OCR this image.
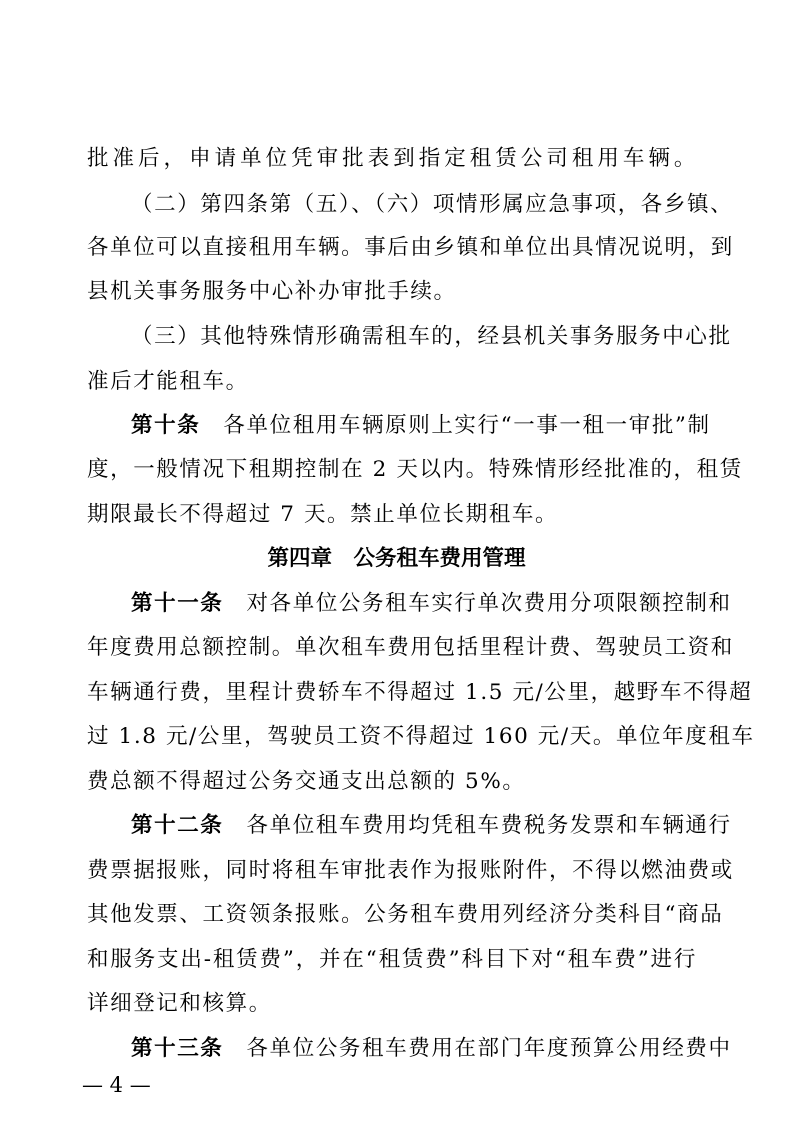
批准后，申请单位凭审批表到指定租赁公司租用车辆。
（二）第四条第（五）、（六）项情形属应急事项，各乡镇、
各单位可以直接租用车辆。事后由乡镇和单位出具情况说明，到
县机关事务服务中心补办审批手续。
（三）其他特殊情形确需租车的，经县机关事务服务中心批
准后才能租车。
第十条　 各单位租用车辆原则上实行“一事一租一审批”制
度，一般情况下租期控制在 2 天以内。特殊情形经批准的，租赁
期限最长不得超过 7 天。禁止单位长期租车。
第四章　公务租车费用管理
第十一条　 对各单位公务租车实行单次费用分项限额控制和
年度费用总额控制。单次租车费用包括里程计费、驾驶员工资和
车辆通行费，里程计费轿车不得超过 1.5 元/公里，越野车不得超
过 1.8 元/公里，驾驶员工资不得超过 160 元/天。单位年度租车
费总额不得超过公务交通支出总额的 5%。
第十二条　 各单位租车费用均凭租车费税务发票和车辆通行
费票据报账，同时将租车审批表作为报账附件，不得以燃油费或
其他发票、工资领条报账。公务租车费用列经济分类科目“商品
和服务支出-租赁费”，并在“租赁费”科目下对“租车费”进行
详细登记和核算。
第十三条　 各单位公务租车费用在部门年度预算公用经费中
— 4 —
